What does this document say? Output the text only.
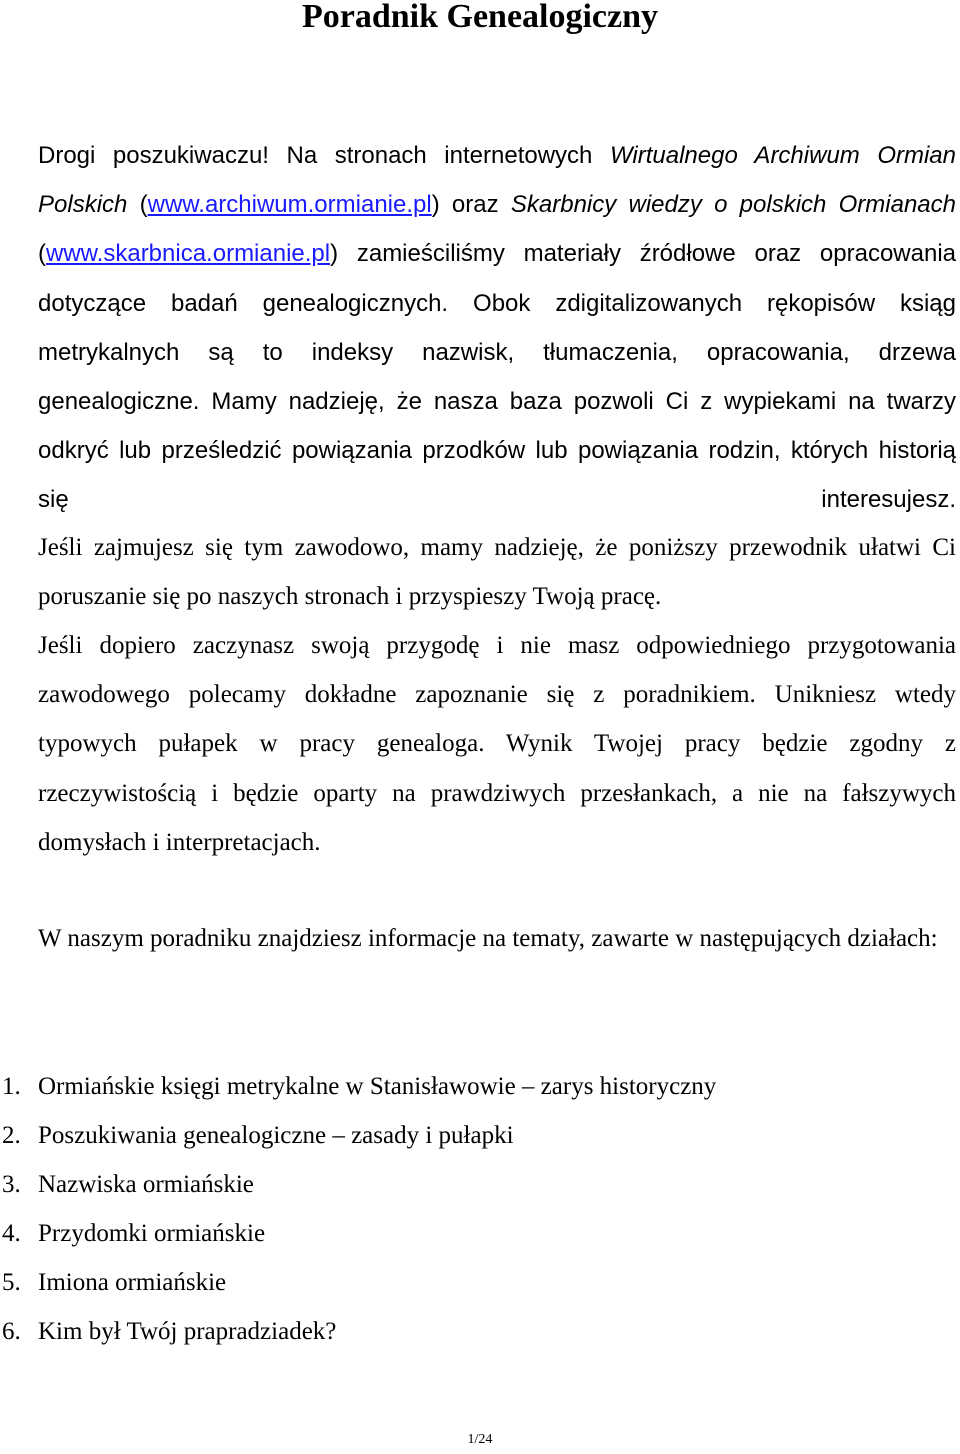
Poradnik Genealogiczny
Drogi poszukiwaczu! Na stronach internetowych Wirtualnego Archiwum Ormian Polskich (www.archiwum.ormianie.pl) oraz Skarbnicy wiedzy o polskich Ormianach (www.skarbnica.ormianie.pl) zamieściliśmy materiały źródłowe oraz opracowania dotyczące badań genealogicznych. Obok zdigitalizowanych rękopisów ksiąg metrykalnych są to indeksy nazwisk, tłumaczenia, opracowania, drzewa genealogiczne. Mamy nadzieję, że nasza baza pozwoli Ci z wypiekami na twarzy odkryć lub prześledzić powiązania przodków lub powiązania rodzin, których historią się interesujesz.

Jeśli zajmujesz się tym zawodowo, mamy nadzieję, że poniższy przewodnik ułatwi Ci poruszanie się po naszych stronach i przyspieszy Twoją pracę.

Jeśli dopiero zaczynasz swoją przygodę i nie masz odpowiedniego przygotowania zawodowego polecamy dokładne zapoznanie się z poradnikiem. Unikniesz wtedy typowych pułapek w pracy genealoga. Wynik Twojej pracy będzie zgodny z rzeczywistością i będzie oparty na prawdziwych przesłankach, a nie na fałszywych domysłach i interpretacjach.

W naszym poradniku znajdziesz informacje na tematy, zawarte w następujących działach:

1. Ormiańskie księgi metrykalne w Stanisławowie – zarys historyczny
2. Poszukiwania genealogiczne – zasady i pułapki
3. Nazwiska ormiańskie
4. Przydomki ormiańskie
5. Imiona ormiańskie
6. Kim był Twój prapradziadek?
1/24
